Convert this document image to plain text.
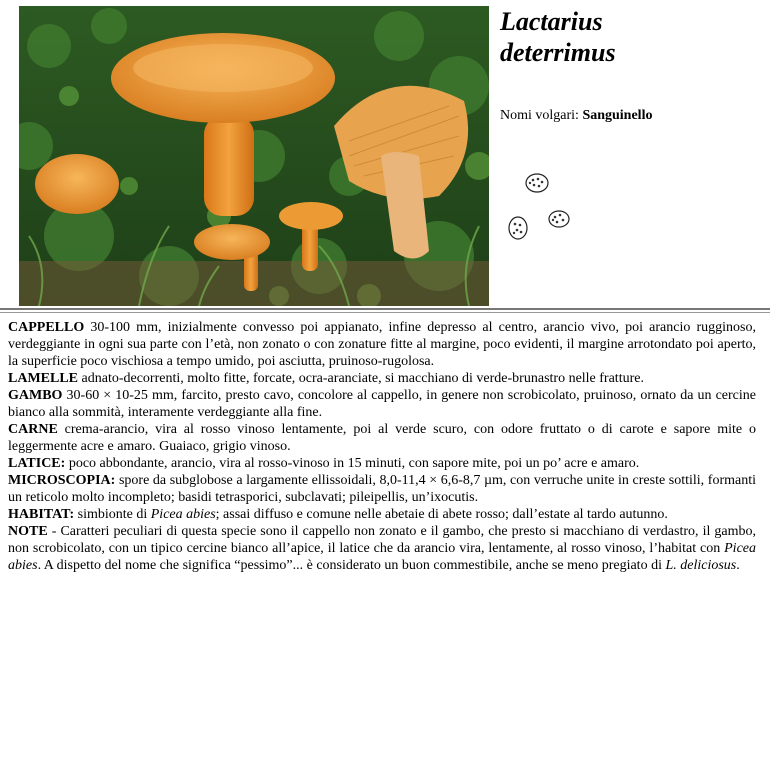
Lactarius
deterrimus
Nomi volgari: Sanguinello

CAPPELLO 30-100 mm, inizialmente convesso poi appianato, infine depresso al centro, arancio vivo, poi arancio rugginoso, verdeggiante in ogni sua parte con l’età, non zonato o con zonature fitte al margine, poco evidenti, il margine arrotondato poi aperto, la superficie poco vischiosa a tempo umido, poi asciutta, pruinoso-rugolosa.

LAMELLE adnato-decorrenti, molto fitte, forcate, ocra-aranciate, si macchiano di verde-brunastro nelle fratture.

GAMBO 30-60 × 10-25 mm, farcito, presto cavo, concolore al cappello, in genere non scrobicolato, pruinoso, ornato da un cercine bianco alla sommità, interamente verdeggiante alla fine.

CARNE crema-arancio, vira al rosso vinoso lentamente, poi al verde scuro, con odore fruttato o di carote e sapore mite o leggermente acre e amaro. Guaiaco, grigio vinoso.

LATICE: poco abbondante, arancio, vira al rosso-vinoso in 15 minuti, con sapore mite, poi un po’ acre e amaro.

MICROSCOPIA: spore da subglobose a largamente ellissoidali, 8,0-11,4 × 6,6-8,7 µm, con verruche unite in creste sottili, formanti un reticolo molto incompleto; basidi tetrasporici, subclavati; pileipellis, un’ixocutis.

HABITAT: simbionte di Picea abies; assai diffuso e comune nelle abetaie di abete rosso; dall’estate al tardo autunno.

NOTE - Caratteri peculiari di questa specie sono il cappello non zonato e il gambo, che presto si macchiano di verdastro, il gambo, non scrobicolato, con un tipico cercine bianco all’apice, il latice che da arancio vira, lentamente, al rosso vinoso, l’habitat con Picea abies. A dispetto del nome che significa “pessimo”... è considerato un buon commestibile, anche se meno pregiato di L. deliciosus.
